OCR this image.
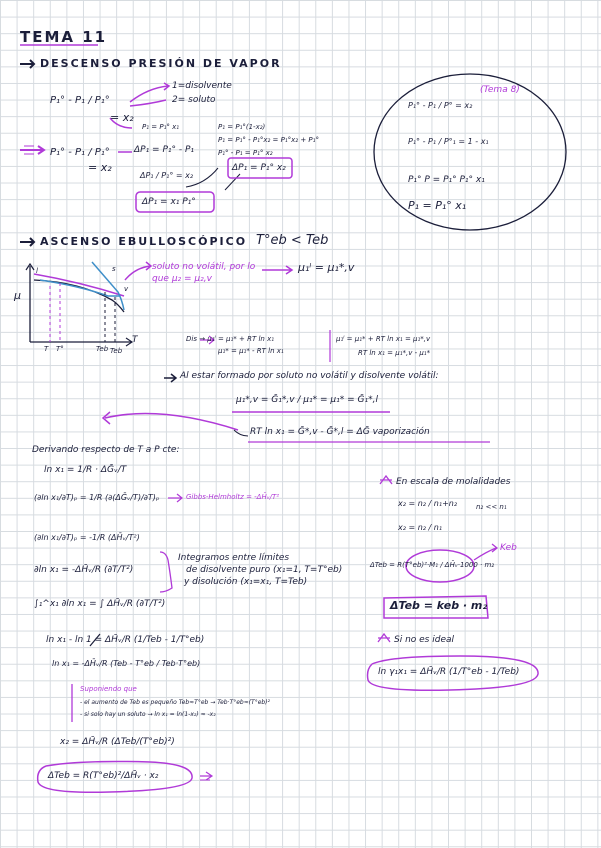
TEMA 11
DESCENSO PRESIÓN DE VAPOR
P₁° - P₁ / P₁°
= x₂
1=disolvente
2= soluto
P₁ = P₁° x₁	P₁ = P₁°(1-x₂)
P₁ = P₁° - P₁°x₂ = P₁°x₂ + P₁°
P₁° - P₁ = P₁° x₂
P₁° - P₁ / P₁°
= x₂
ΔP₁ = P₁° - P₁
ΔP₁ = P₁° x₂
ΔP₁ / P₁° = x₂
ΔP₁ = x₁ P₁°
(Tema 8)
P₁° - P₁ / P° = x₂
P₁° - P₁ / P°₁ = 1 - x₁
P₁° P = P₁° P₁° x₁
P₁ = P₁° x₁
ASCENSO EBULLOSCÓPICO T°eb < Teb
μ
T
l	s
v
T T°	Teb Teb
soluto no volátil, por lo que μ₂ = μ₂,v
μ₁ˡ = μ₁*,v
Dis → μ₁ˡ = μ₁* + RT ln x₁
μ₁* = μ₁* - RT ln x₁
μ₁ˡ = μ₁* + RT ln x₁ = μ₁*,v
RT ln x₁ = μ₁*,v - μ₁*
Al estar formado por soluto no volátil y disolvente volátil:
μ₁*,v = Ḡ₁*,v / μ₁* = μ₁* = Ḡ₁*,l
RT ln x₁ = Ḡ*,v - Ḡ*,l = ΔḠ vaporización
Derivando respecto de T a P cte:
ln x₁ = 1/R · ΔḠᵥ/T
Gibbs-Helmholtz = -ΔH̄ᵥ/T²
(∂ln x₁/∂T)ₚ = 1/R (∂(ΔḠᵥ/T)/∂T)ₚ
(∂ln x₁/∂T)ₚ = -1/R (ΔH̄ᵥ/T²)
∂ln x₁ = -ΔH̄ᵥ/R (∂T/T²)
Integramos entre límites
de disolvente puro (x₁=1, T=T°eb)
y disolución (x₁=x₁, T=Teb)
∫₁^x₁ ∂ln x₁ = ∫ ΔH̄ᵥ/R (∂T/T²)
ln x₁ - ln 1 = ΔH̄ᵥ/R (1/Teb - 1/T°eb)
ln x₁ = -ΔH̄ᵥ/R (Teb - T°eb / Teb·T°eb)
Suponiendo que
- el aumento de Teb es pequeño Teb≈T°eb → Teb·T°eb≈(T°eb)²
- si solo hay un soluto → ln x₁ = ln(1-x₂) ≈ -x₂
x₂ = ΔH̄ᵥ/R (ΔTeb/(T°eb)²)
ΔTeb = R(T°eb)²/ΔH̄ᵥ · x₂
En escala de molalidades
x₂ = n₂ / n₁+n₂	n₂ << n₁
x₂ = n₂ / n₁
ΔTeb = R(T°eb)²·M₁ / ΔH̄ᵥ·1000 · m₂
Keb
ΔTeb = keb · m₂
Si no es ideal
ln γ₁x₁ = ΔH̄ᵥ/R (1/T°eb - 1/Teb)
